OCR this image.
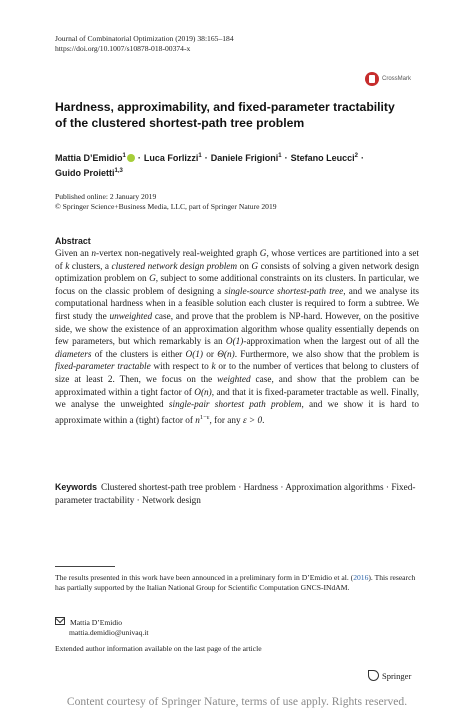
Journal of Combinatorial Optimization (2019) 38:165–184
https://doi.org/10.1007/s10878-018-00374-x
CrossMark
Hardness, approximability, and fixed-parameter tractability
of the clustered shortest-path tree problem
Mattia D’Emidio$^1$ · Luca Forlizzi$^1$ · Daniele Frigioni$^1$ · Stefano Leucci$^2$ ·
Guido Proietti$^{1,3}$
Published online: 2 January 2019
© Springer Science+Business Media, LLC, part of Springer Nature 2019
Abstract
Given an n-vertex non-negatively real-weighted graph G, whose vertices are partitioned into a set of k clusters, a clustered network design problem on G consists of solving a given network design optimization problem on G, subject to some additional constraints on its clusters. In particular, we focus on the classic problem of designing a single-source shortest-path tree, and we analyse its computational hardness when in a feasible solution each cluster is required to form a subtree. We first study the unweighted case, and prove that the problem is NP-hard. However, on the positive side, we show the existence of an approximation algorithm whose quality essentially depends on few parameters, but which remarkably is an O(1)-approximation when the largest out of all the diameters of the clusters is either O(1) or Θ(n). Furthermore, we also show that the problem is fixed-parameter tractable with respect to k or to the number of vertices that belong to clusters of size at least 2. Then, we focus on the weighted case, and show that the problem can be approximated within a tight factor of O(n), and that it is fixed-parameter tractable as well. Finally, we analyse the unweighted single-pair shortest path problem, and we show it is hard to approximate within a (tight) factor of $n^{1-\varepsilon}$, for any ε > 0.
Keywords Clustered shortest-path tree problem · Hardness · Approximation algorithms · Fixed-parameter tractability · Network design
The results presented in this work have been announced in a preliminary form in D’Emidio et al. (2016). This research has partially supported by the Italian National Group for Scientific Computation GNCS-INdAM.
Mattia D’Emidio
mattia.demidio@univaq.it
Extended author information available on the last page of the article
Springer
Content courtesy of Springer Nature, terms of use apply. Rights reserved.
